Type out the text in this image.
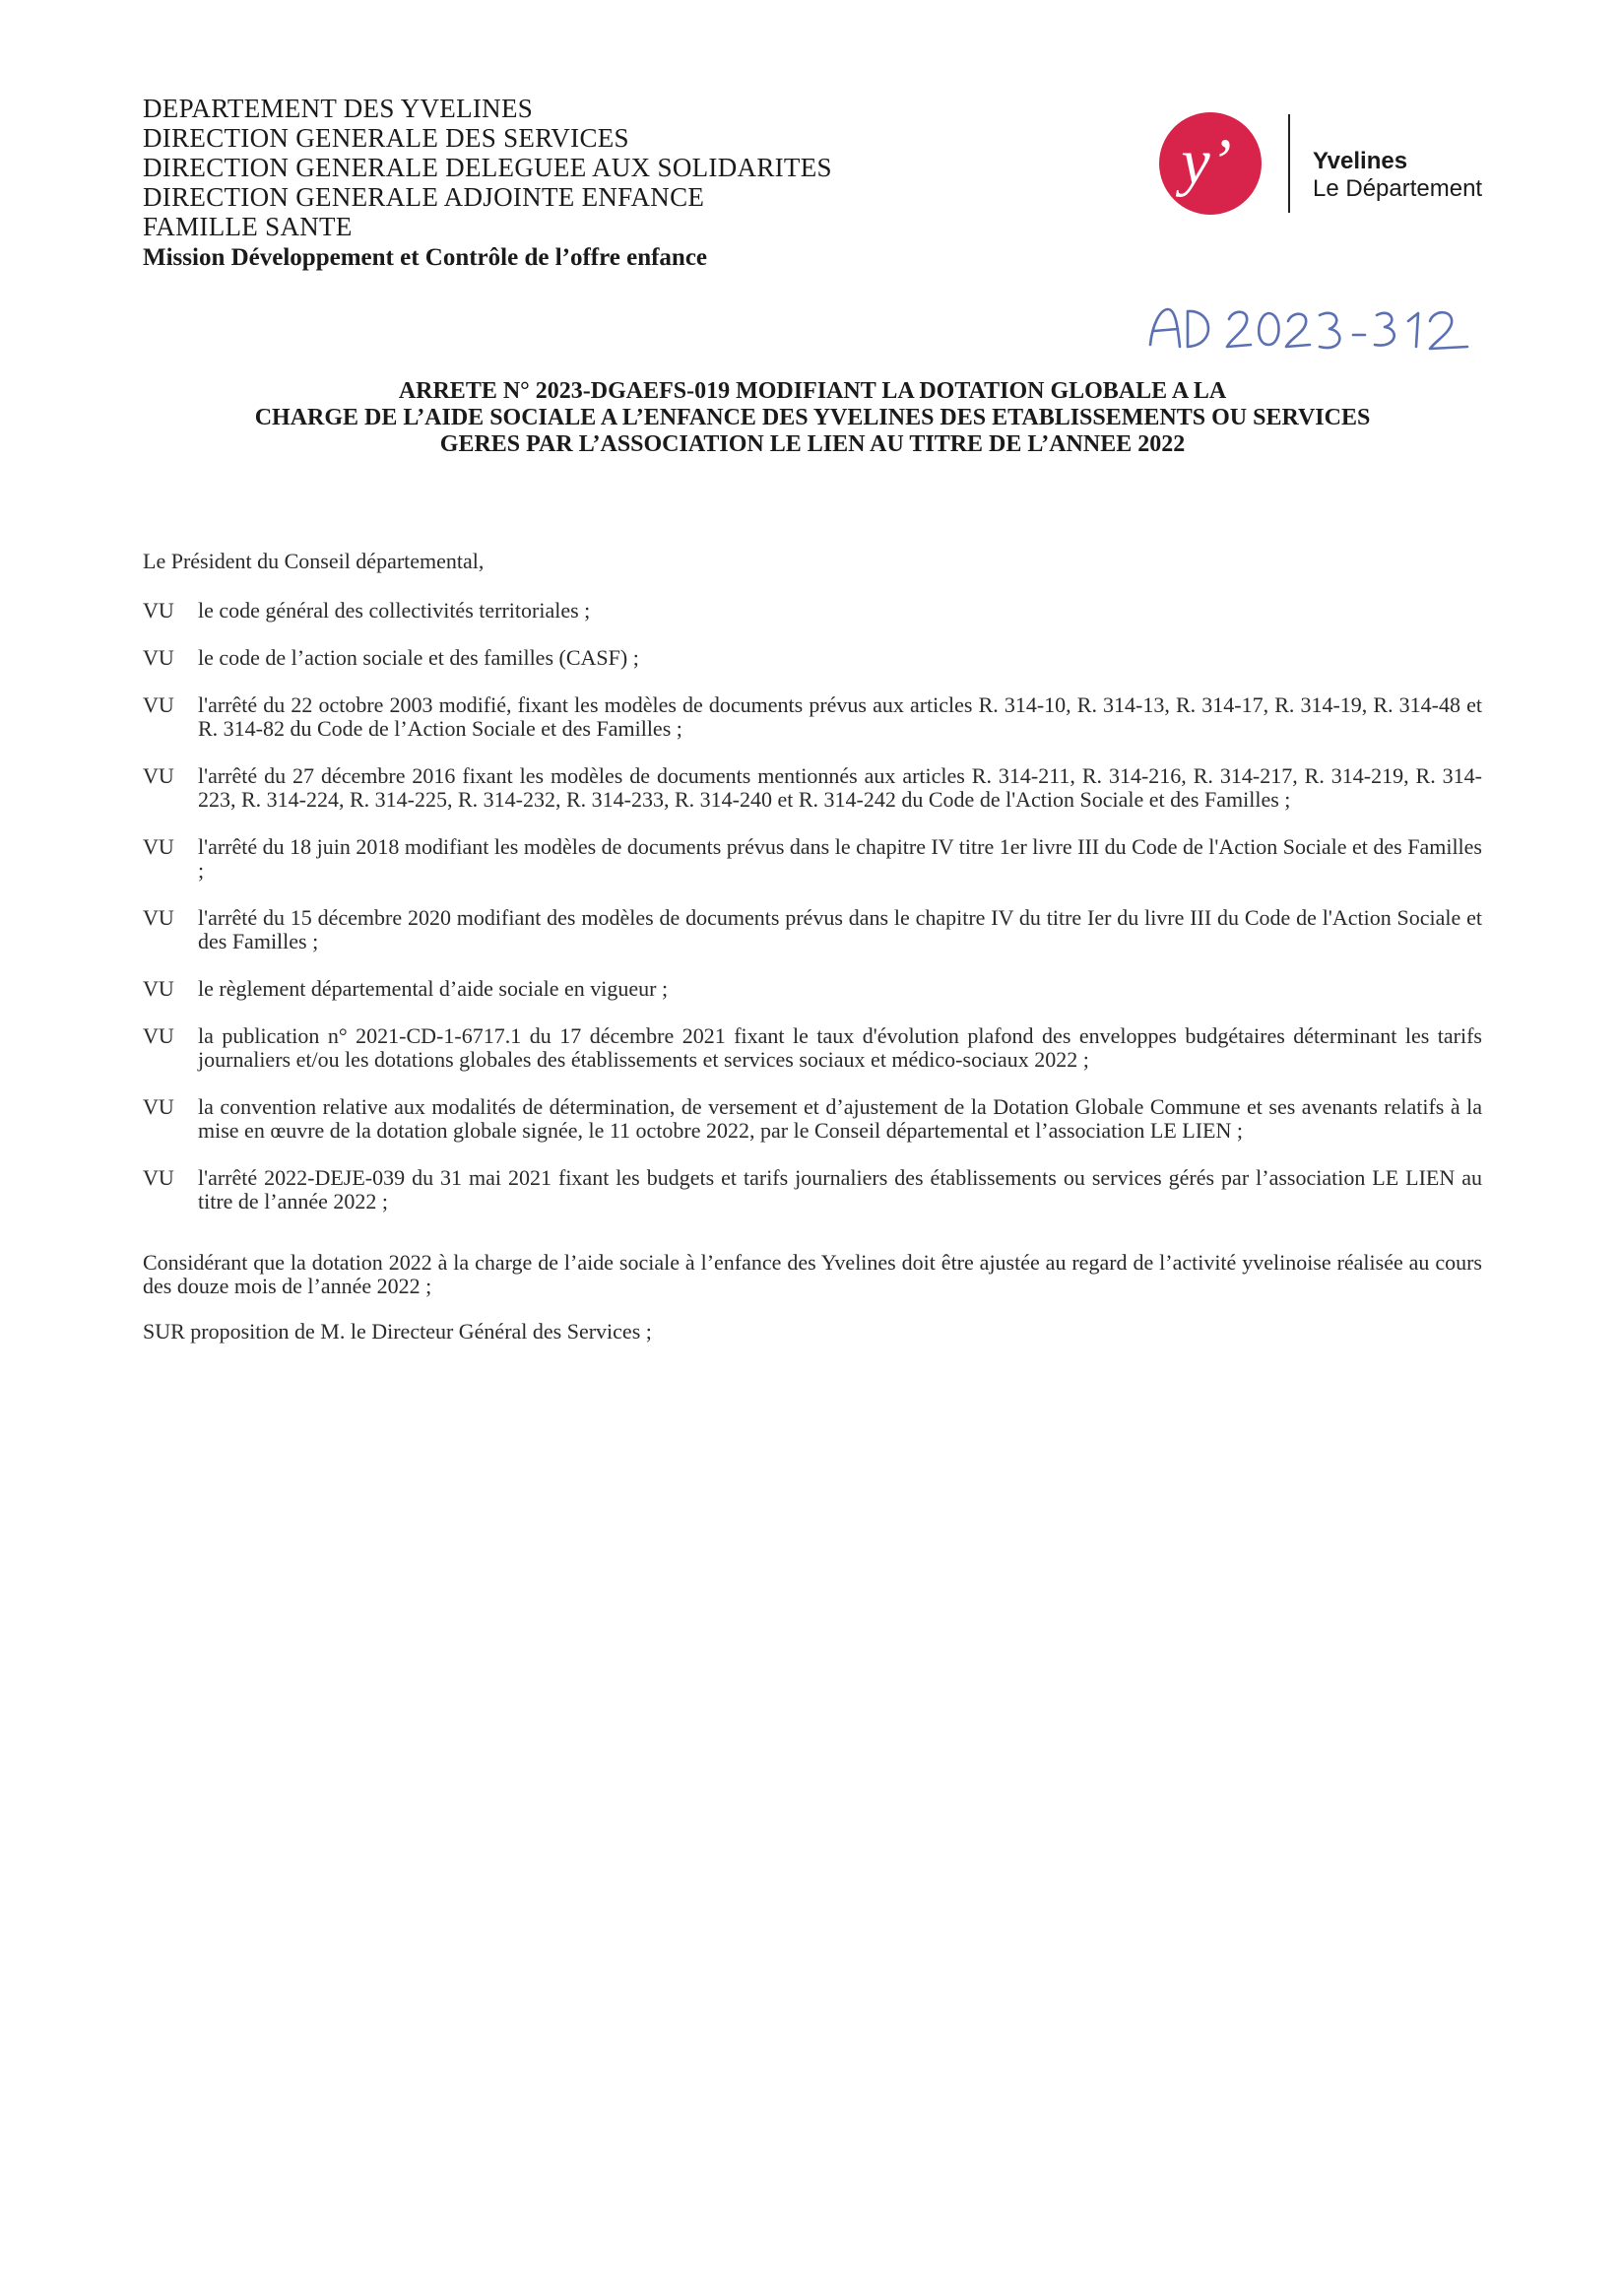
DEPARTEMENT DES YVELINES
DIRECTION GENERALE DES SERVICES
DIRECTION GENERALE DELEGUEE AUX SOLIDARITES
DIRECTION GENERALE ADJOINTE ENFANCE
FAMILLE SANTE
Mission Développement et Contrôle de l’offre enfance
y’	Yvelines
Le Département
ARRETE N° 2023-DGAEFS-019 MODIFIANT LA DOTATION GLOBALE A LA
CHARGE DE L’AIDE SOCIALE A L’ENFANCE DES YVELINES DES ETABLISSEMENTS OU SERVICES
GERES PAR L’ASSOCIATION LE LIEN AU TITRE DE L’ANNEE 2022

Le Président du Conseil départemental,

VU	le code général des collectivités territoriales ;
VU	le code de l’action sociale et des familles (CASF) ;
VU	l'arrêté du 22 octobre 2003 modifié, fixant les modèles de documents prévus aux articles R. 314-10, R. 314-13, R. 314-17, R. 314-19, R. 314-48 et R. 314-82 du Code de l’Action Sociale et des Familles ;
VU	l'arrêté du 27 décembre 2016 fixant les modèles de documents mentionnés aux articles R. 314-211, R. 314-216, R. 314-217, R. 314-219, R. 314-223, R. 314-224, R. 314-225, R. 314-232, R. 314-233, R. 314-240 et R. 314-242 du Code de l'Action Sociale et des Familles ;
VU	l'arrêté du 18 juin 2018 modifiant les modèles de documents prévus dans le chapitre IV titre 1er livre III du Code de l'Action Sociale et des Familles ;
VU	l'arrêté du 15 décembre 2020 modifiant des modèles de documents prévus dans le chapitre IV du titre Ier du livre III du Code de l'Action Sociale et des Familles ;
VU	le règlement départemental d’aide sociale en vigueur ;
VU	la publication n° 2021-CD-1-6717.1 du 17 décembre 2021 fixant le taux d'évolution plafond des enveloppes budgétaires déterminant les tarifs journaliers et/ou les dotations globales des établissements et services sociaux et médico-sociaux 2022 ;
VU	la convention relative aux modalités de détermination, de versement et d’ajustement de la Dotation Globale Commune et ses avenants relatifs à la mise en œuvre de la dotation globale signée, le 11 octobre 2022, par le Conseil départemental et l’association LE LIEN ;
VU	l'arrêté 2022-DEJE-039 du 31 mai 2021 fixant les budgets et tarifs journaliers des établissements ou services gérés par l’association LE LIEN au titre de l’année 2022 ;

Considérant que la dotation 2022 à la charge de l’aide sociale à l’enfance des Yvelines doit être ajustée au regard de l’activité yvelinoise réalisée au cours des douze mois de l’année 2022 ;

SUR proposition de M. le Directeur Général des Services ;
